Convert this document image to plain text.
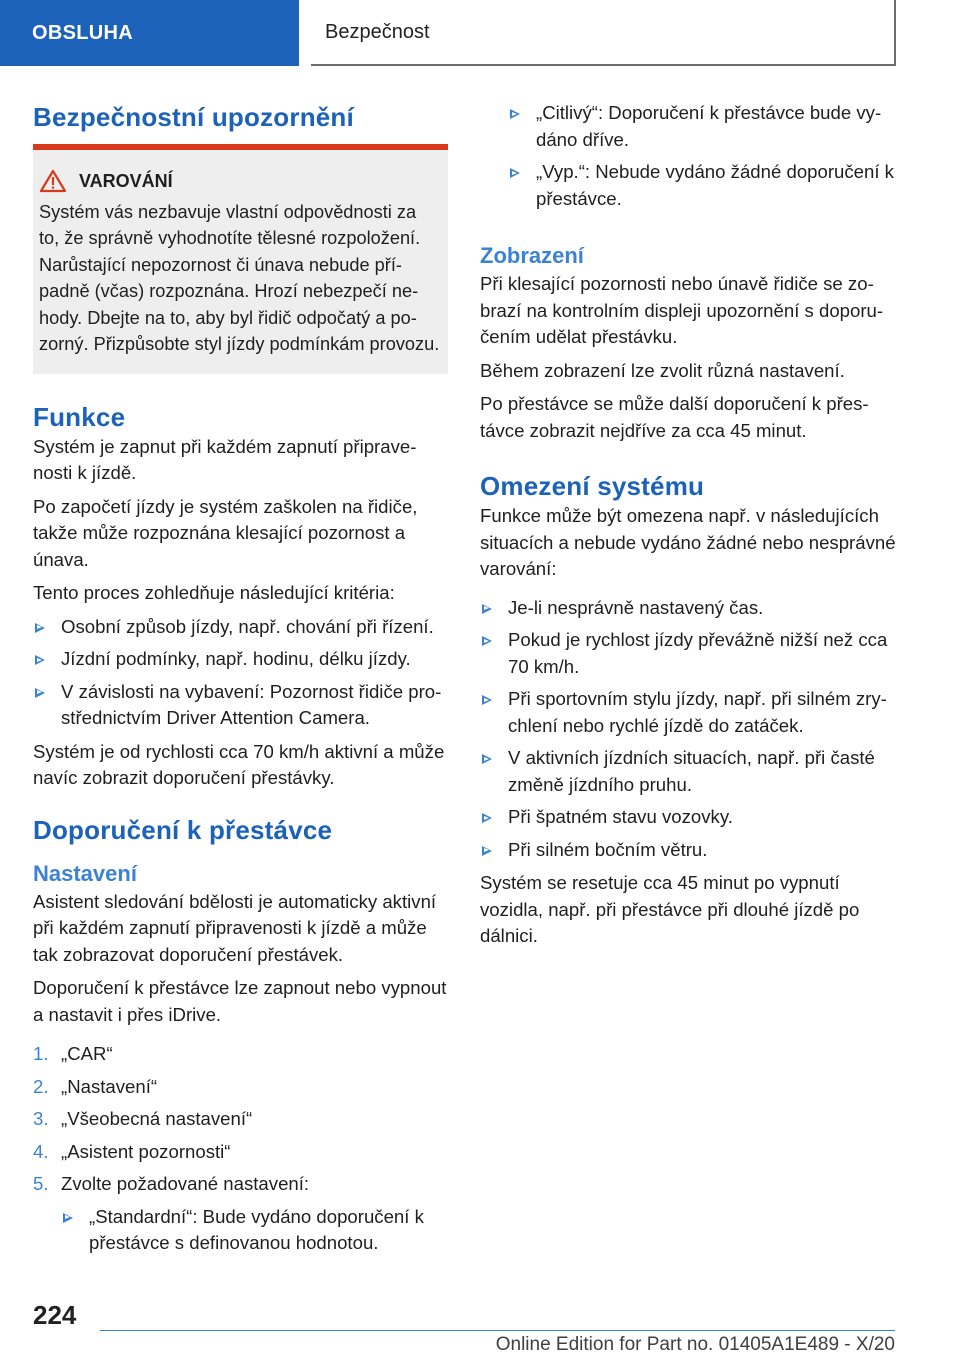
OBSLUHA	Bezpečnost
Bezpečnostní upozornění
VAROVÁNÍ
Systém vás nezbavuje vlastní odpovědnosti za to, že správně vyhodnotíte tělesné rozpoložení. Narůstající nepozornost či únava nebude případně (včas) rozpoznána. Hrozí nebezpečí nehody. Dbejte na to, aby byl řidič odpočatý a pozorný. Přizpůsobte styl jízdy podmínkám provozu.
Funkce

Systém je zapnut při každém zapnutí připravenosti k jízdě.

Po započetí jízdy je systém zaškolen na řidiče, takže může rozpoznána klesající pozornost a únava.

Tento proces zohledňuje následující kritéria:

Osobní způsob jízdy, např. chování při řízení.
Jízdní podmínky, např. hodinu, délku jízdy.
V závislosti na vybavení: Pozornost řidiče prostřednictvím Driver Attention Camera.

Systém je od rychlosti cca 70 km/h aktivní a může navíc zobrazit doporučení přestávky.

Doporučení k přestávce
Nastavení

Asistent sledování bdělosti je automaticky aktivní při každém zapnutí připravenosti k jízdě a může tak zobrazovat doporučení přestávek.

Doporučení k přestávce lze zapnout nebo vypnout a nastavit i přes iDrive.

1. „CAR“
2. „Nastavení“
3. „Všeobecná nastavení“
4. „Asistent pozornosti“
5. Zvolte požadované nastavení:
„Standardní“: Bude vydáno doporučení k přestávce s definovanou hodnotou.
„Citlivý“: Doporučení k přestávce bude vydáno dříve.
„Vyp.“: Nebude vydáno žádné doporučení k přestávce.
Zobrazení

Při klesající pozornosti nebo únavě řidiče se zobrazí na kontrolním displeji upozornění s doporučením udělat přestávku.

Během zobrazení lze zvolit různá nastavení.

Po přestávce se může další doporučení k přestávce zobrazit nejdříve za cca 45 minut.

Omezení systému

Funkce může být omezena např. v následujících situacích a nebude vydáno žádné nebo nesprávné varování:

Je-li nesprávně nastavený čas.
Pokud je rychlost jízdy převážně nižší než cca 70 km/h.
Při sportovním stylu jízdy, např. při silném zrychlení nebo rychlé jízdě do zatáček.
V aktivních jízdních situacích, např. při časté změně jízdního pruhu.
Při špatném stavu vozovky.
Při silném bočním větru.

Systém se resetuje cca 45 minut po vypnutí vozidla, např. při přestávce při dlouhé jízdě po dálnici.

224
Online Edition for Part no. 01405A1E489 - X/20
